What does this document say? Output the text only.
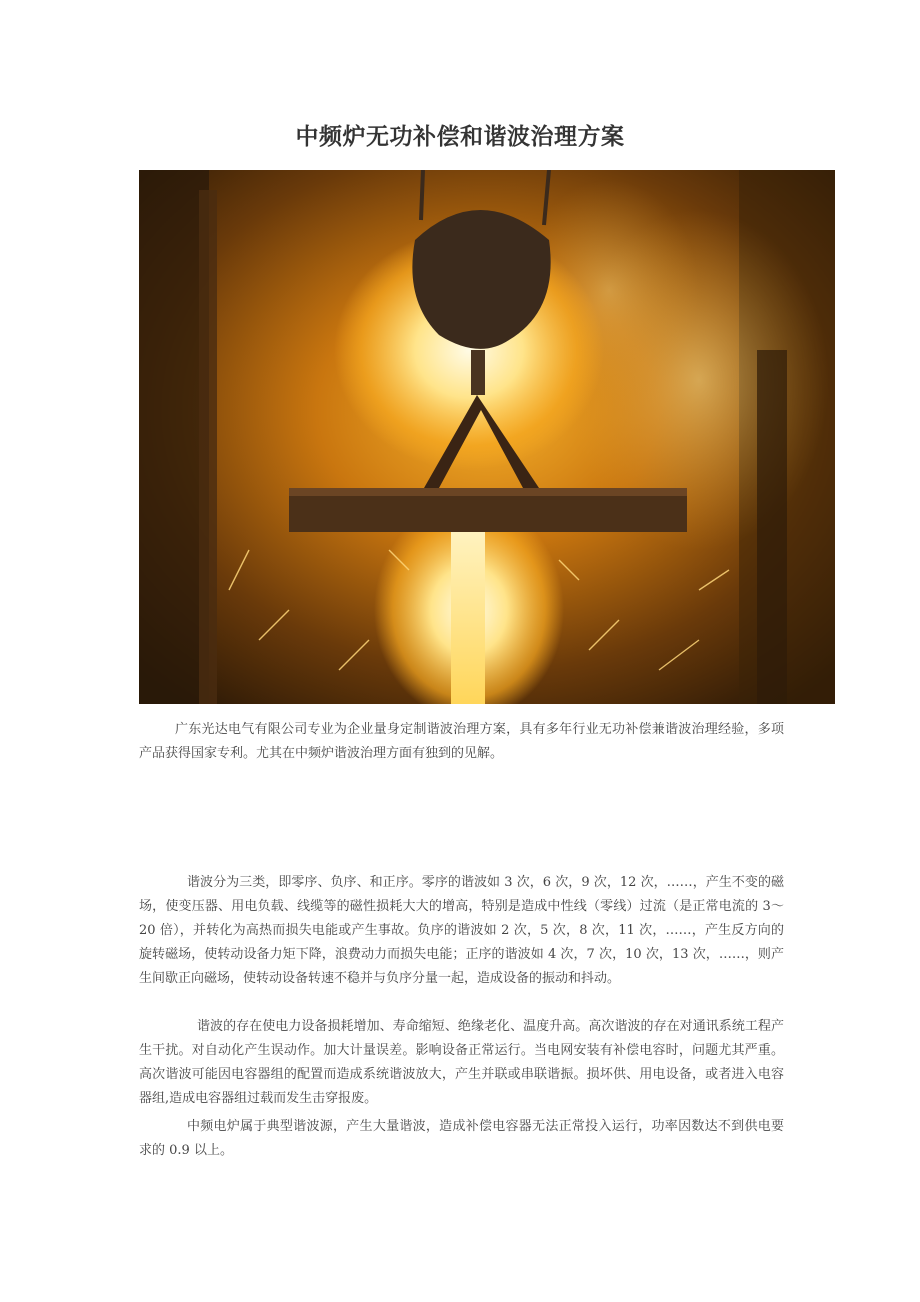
中频炉无功补偿和谐波治理方案

广东光达电气有限公司专业为企业量身定制谐波治理方案，具有多年行业无功补偿兼谐波治理经验，多项产品获得国家专利。尤其在中频炉谐波治理方面有独到的见解。

谐波分为三类，即零序、负序、和正序。零序的谐波如 3 次，6 次，9 次，12 次，……，产生不变的磁场，使变压器、用电负载、线缆等的磁性损耗大大的增高，特别是造成中性线（零线）过流（是正常电流的 3～20 倍），并转化为高热而损失电能或产生事故。负序的谐波如 2 次，5 次，8 次，11 次，……，产生反方向的旋转磁场，使转动设备力矩下降，浪费动力而损失电能；正序的谐波如 4 次，7 次，10 次，13 次，……，则产生间歇正向磁场，使转动设备转速不稳并与负序分量一起，造成设备的振动和抖动。

谐波的存在使电力设备损耗增加、寿命缩短、绝缘老化、温度升高。高次谐波的存在对通讯系统工程产生干扰。对自动化产生误动作。加大计量误差。影响设备正常运行。当电网安装有补偿电容时，问题尤其严重。高次谐波可能因电容器组的配置而造成系统谐波放大，产生并联或串联谐振。损坏供、用电设备，或者进入电容器组,造成电容器组过载而发生击穿报废。

中频电炉属于典型谐波源，产生大量谐波，造成补偿电容器无法正常投入运行，功率因数达不到供电要求的 0.9 以上。
